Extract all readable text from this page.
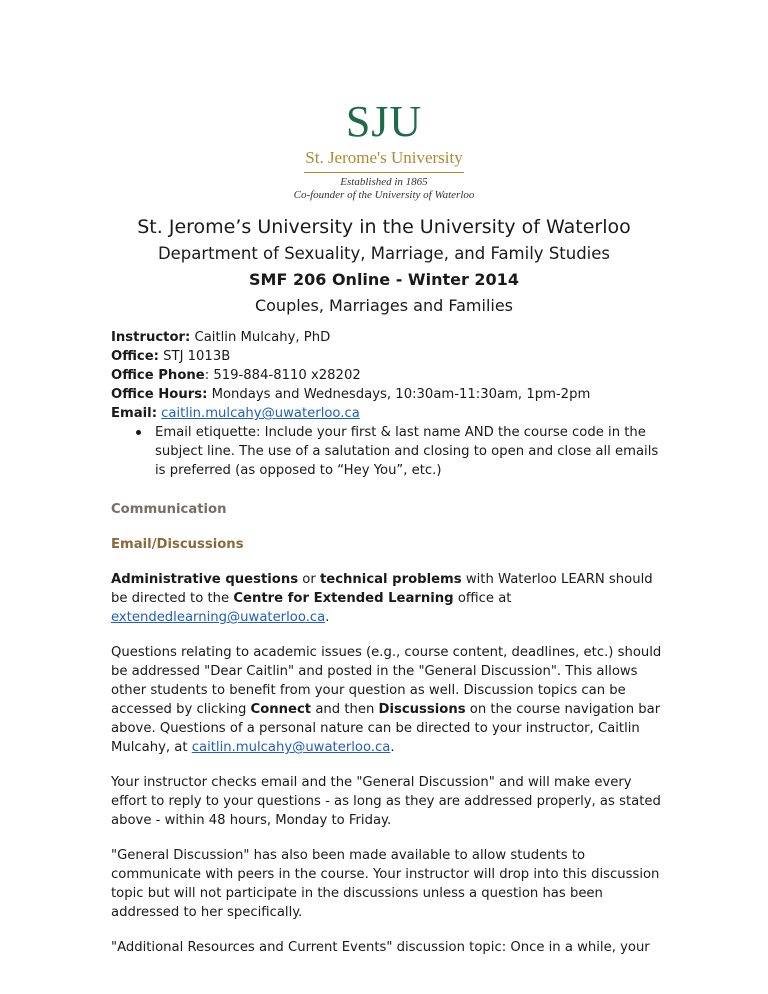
SJU
St. Jerome's University
Established in 1865
Co-founder of the University of Waterloo
St. Jerome’s University in the University of Waterloo
Department of Sexuality, Marriage, and Family Studies
SMF 206 Online - Winter 2014
Couples, Marriages and Families
Instructor: Caitlin Mulcahy, PhD
Office: STJ 1013B
Office Phone: 519-884-8110 x28202
Office Hours: Mondays and Wednesdays, 10:30am-11:30am, 1pm-2pm
Email: caitlin.mulcahy@uwaterloo.ca
Email etiquette: Include your first & last name AND the course code in the subject line. The use of a salutation and closing to open and close all emails is preferred (as opposed to “Hey You”, etc.)
Communication
Email/Discussions

Administrative questions or technical problems with Waterloo LEARN should be directed to the Centre for Extended Learning office at extendedlearning@uwaterloo.ca.

Questions relating to academic issues (e.g., course content, deadlines, etc.) should be addressed "Dear Caitlin" and posted in the "General Discussion". This allows other students to benefit from your question as well. Discussion topics can be accessed by clicking Connect and then Discussions on the course navigation bar above. Questions of a personal nature can be directed to your instructor, Caitlin Mulcahy, at caitlin.mulcahy@uwaterloo.ca.

Your instructor checks email and the "General Discussion" and will make every effort to reply to your questions - as long as they are addressed properly, as stated above - within 48 hours, Monday to Friday.

"General Discussion" has also been made available to allow students to communicate with peers in the course. Your instructor will drop into this discussion topic but will not participate in the discussions unless a question has been addressed to her specifically.

"Additional Resources and Current Events" discussion topic: Once in a while, your
